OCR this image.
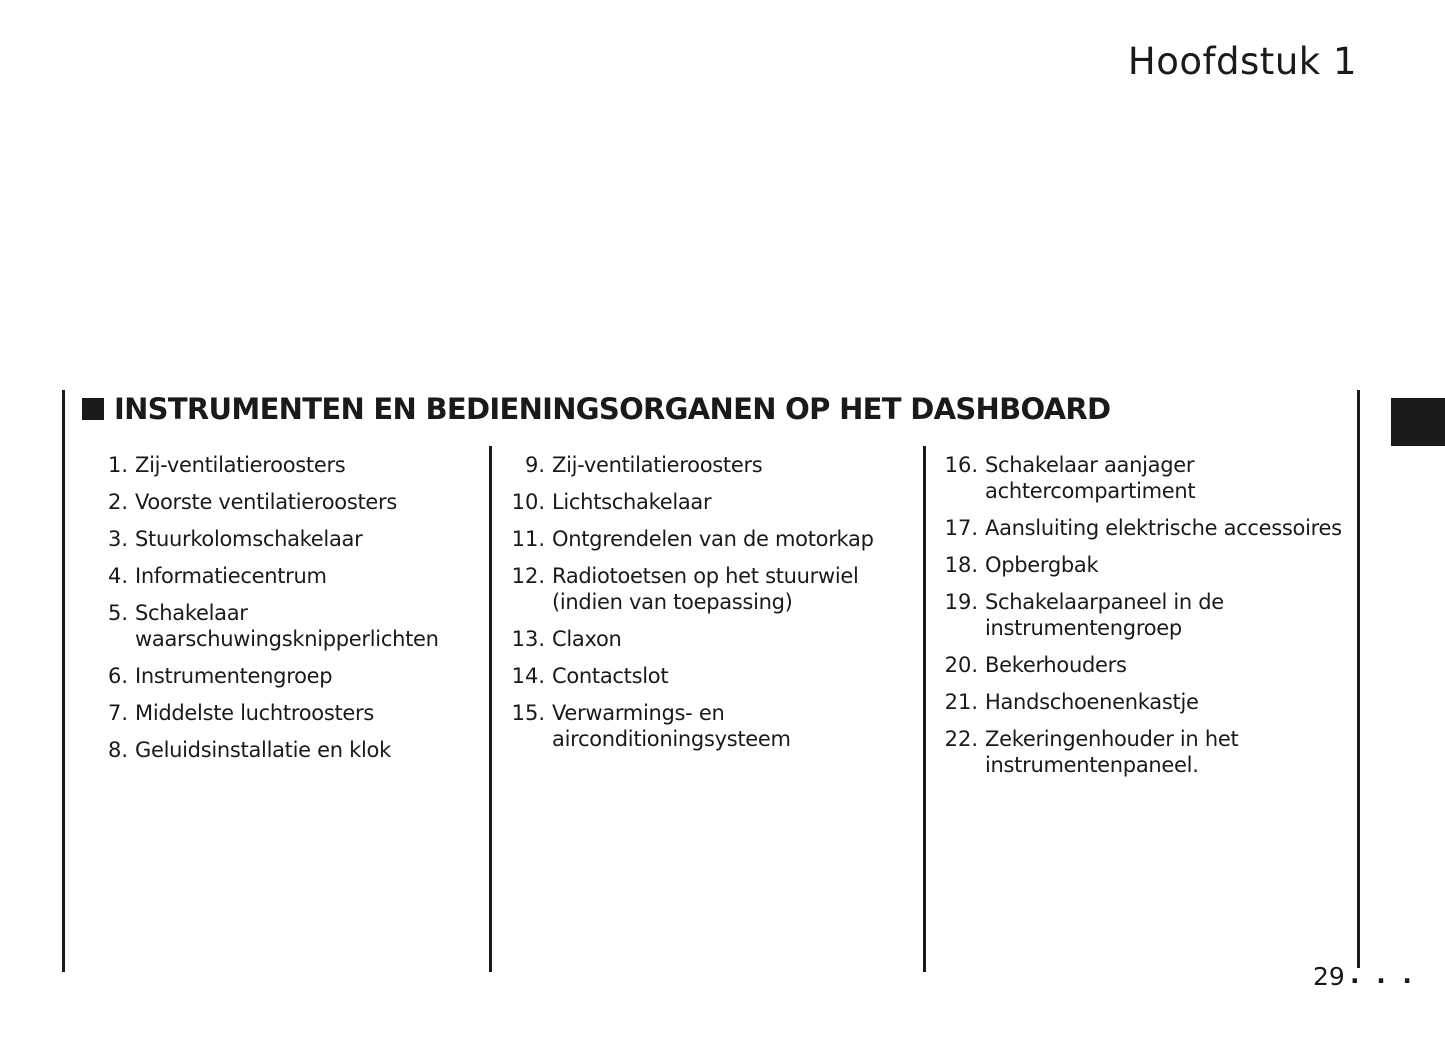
Hoofdstuk 1
INSTRUMENTEN EN BEDIENINGSORGANEN OP HET DASHBOARD
1. Zij-ventilatieroosters
2. Voorste ventilatieroosters
3. Stuurkolomschakelaar
4. Informatiecentrum
5. Schakelaar
waarschuwingsknipperlichten
6. Instrumentengroep
7. Middelste luchtroosters
8. Geluidsinstallatie en klok
9. Zij-ventilatieroosters
10. Lichtschakelaar
11. Ontgrendelen van de motorkap
12. Radiotoetsen op het stuurwiel
(indien van toepassing)
13. Claxon
14. Contactslot
15. Verwarmings- en
airconditioningsysteem
16. Schakelaar aanjager
achtercompartiment
17. Aansluiting elektrische accessoires
18. Opbergbak
19. Schakelaarpaneel in de
instrumentengroep
20. Bekerhouders
21. Handschoenenkastje
22. Zekeringenhouder in het
instrumentenpaneel.
29 . . .
